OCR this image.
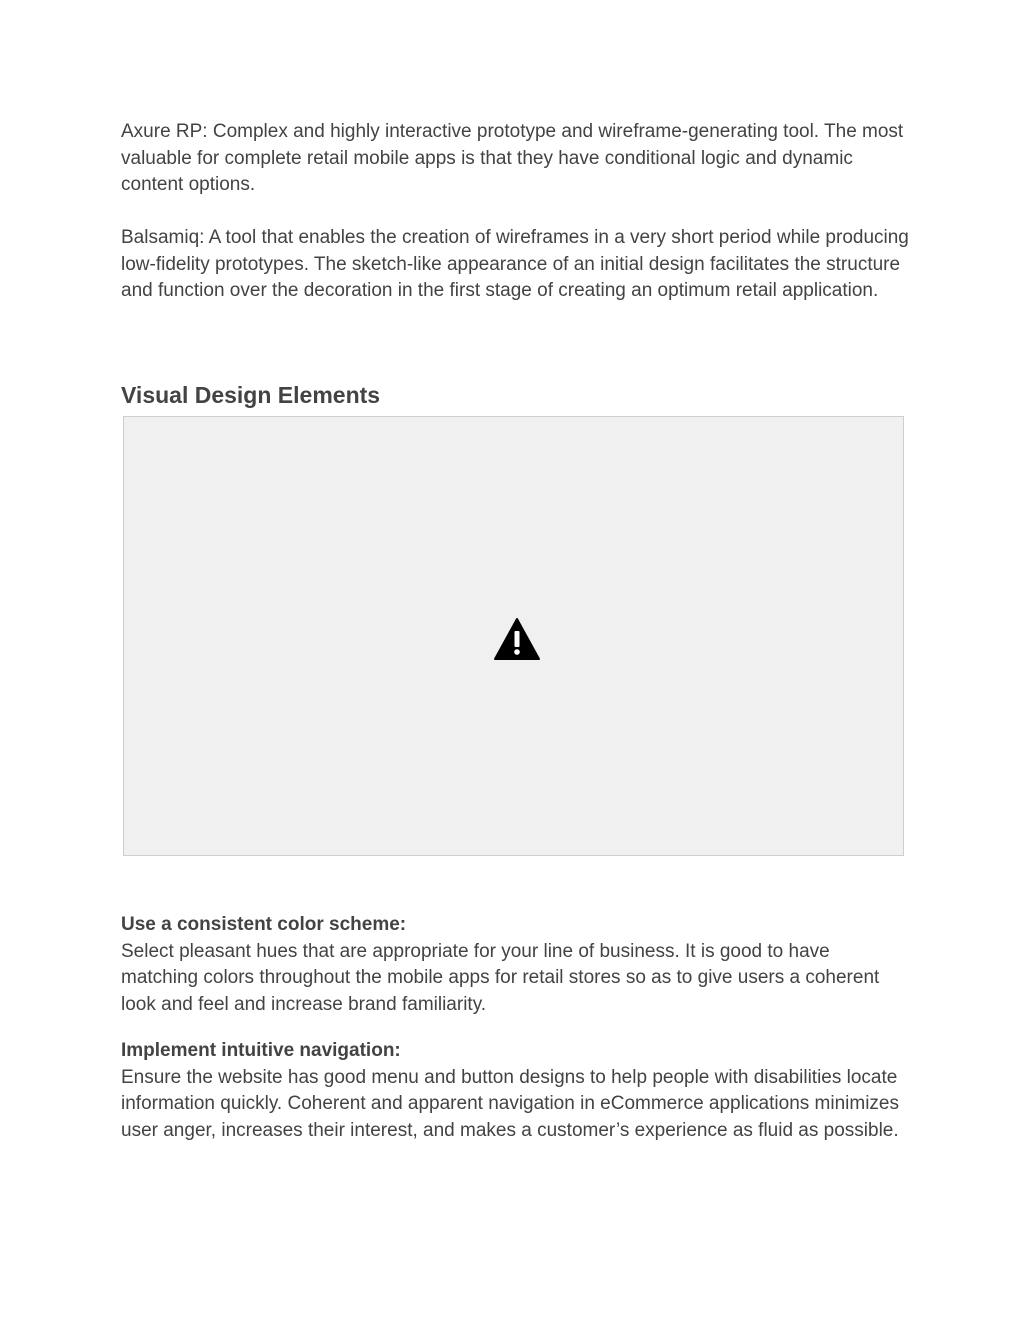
Axure RP: Complex and highly interactive prototype and wireframe-generating tool. The most valuable for complete retail mobile apps is that they have conditional logic and dynamic content options.

Balsamiq: A tool that enables the creation of wireframes in a very short period while producing low-fidelity prototypes. The sketch-like appearance of an initial design facilitates the structure and function over the decoration in the first stage of creating an optimum retail application.

Visual Design Elements

Use a consistent color scheme:

Select pleasant hues that are appropriate for your line of business. It is good to have matching colors throughout the mobile apps for retail stores so as to give users a coherent look and feel and increase brand familiarity.

Implement intuitive navigation:

Ensure the website has good menu and button designs to help people with disabilities locate information quickly. Coherent and apparent navigation in eCommerce applications minimizes user anger, increases their interest, and makes a customer’s experience as fluid as possible.
